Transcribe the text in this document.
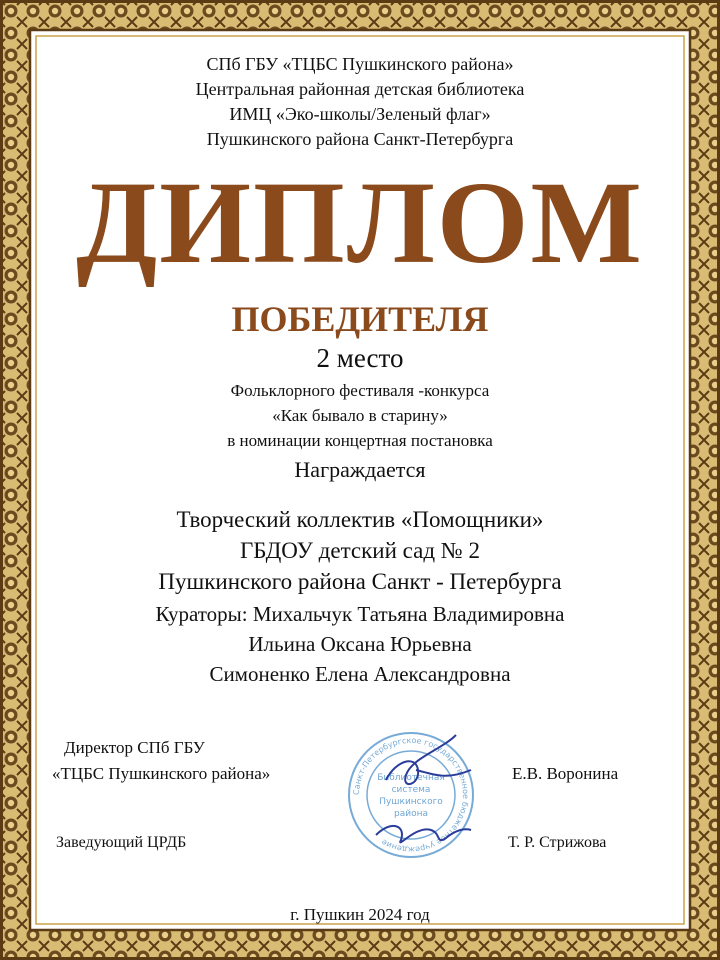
СПб ГБУ «ТЦБС Пушкинского района»
Центральная районная детская библиотека
ИМЦ «Эко-школы/Зеленый флаг»
Пушкинского района Санкт-Петербурга
ДИПЛОМ
ПОБЕДИТЕЛЯ
2 место
Фольклорного фестиваля -конкурса
«Как бывало в старину»
в номинации концертная постановка
Награждается
Творческий коллектив «Помощники»
ГБДОУ детский сад № 2
Пушкинского района Санкт - Петербурга
Кураторы: Михальчук Татьяна Владимировна
Ильина Оксана Юрьевна
Симоненко Елена Александровна
Директор СПб ГБУ
«ТЦБС Пушкинского района»	Е.В. Воронина
Заведующий ЦРДБ	Т. Р. Стрижова
Санкт-Петербургское государственное бюджетное учреждение
Библиотечная
система
Пушкинского
района
г. Пушкин 2024 год
